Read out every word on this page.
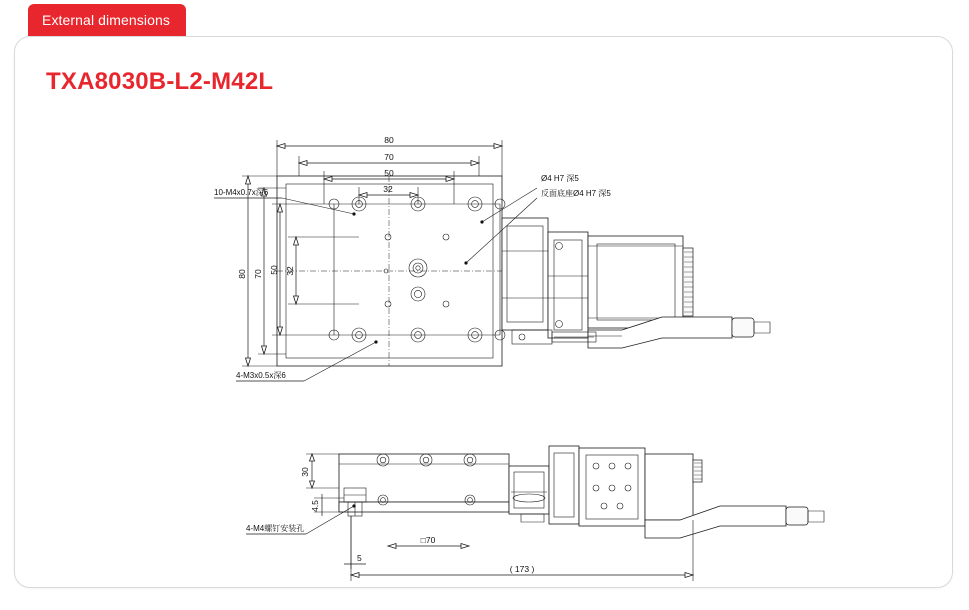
External dimensions
TXA8030B-L2-M42L
80
70
50
32
80 70 50 32
10-M4x0.7x深6
Ø4 H7 深5
反面底座Ø4 H7 深5
4-M3x0.5x深6
30
4.5
5
□70
( 173 )
4-M4螺钉安装孔
